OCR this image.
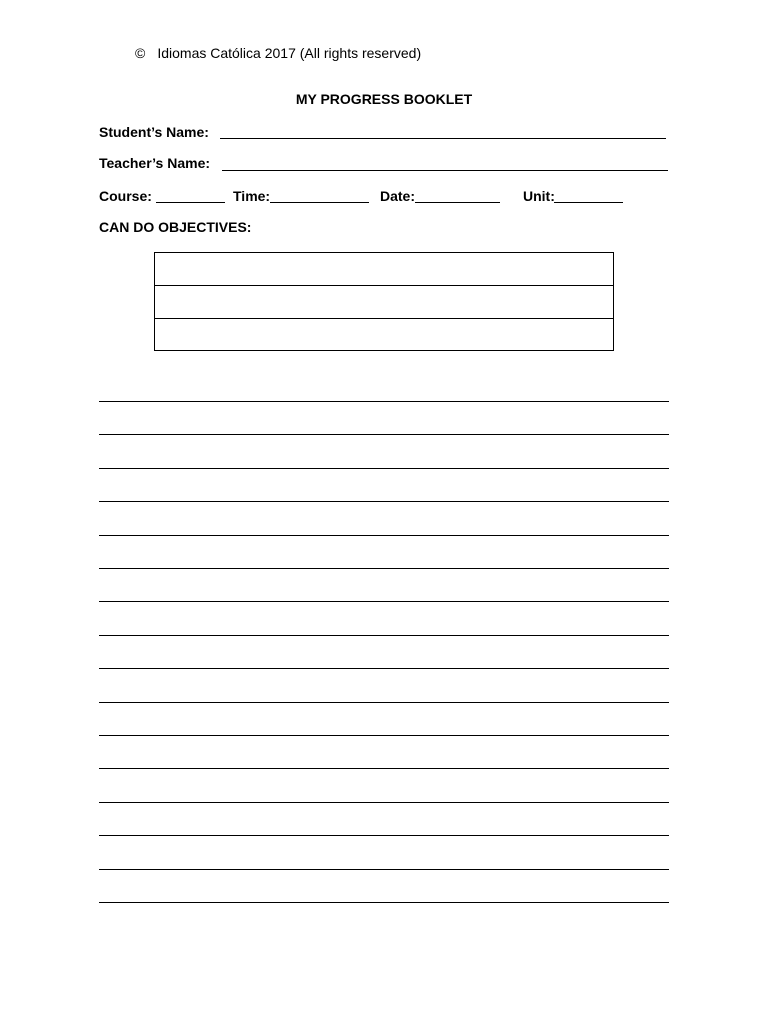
© Idiomas Católica 2017 (All rights reserved)
MY PROGRESS BOOKLET
Student’s Name:
Teacher’s Name:
Course:	Time:	Date:	Unit:
CAN DO OBJECTIVES:
